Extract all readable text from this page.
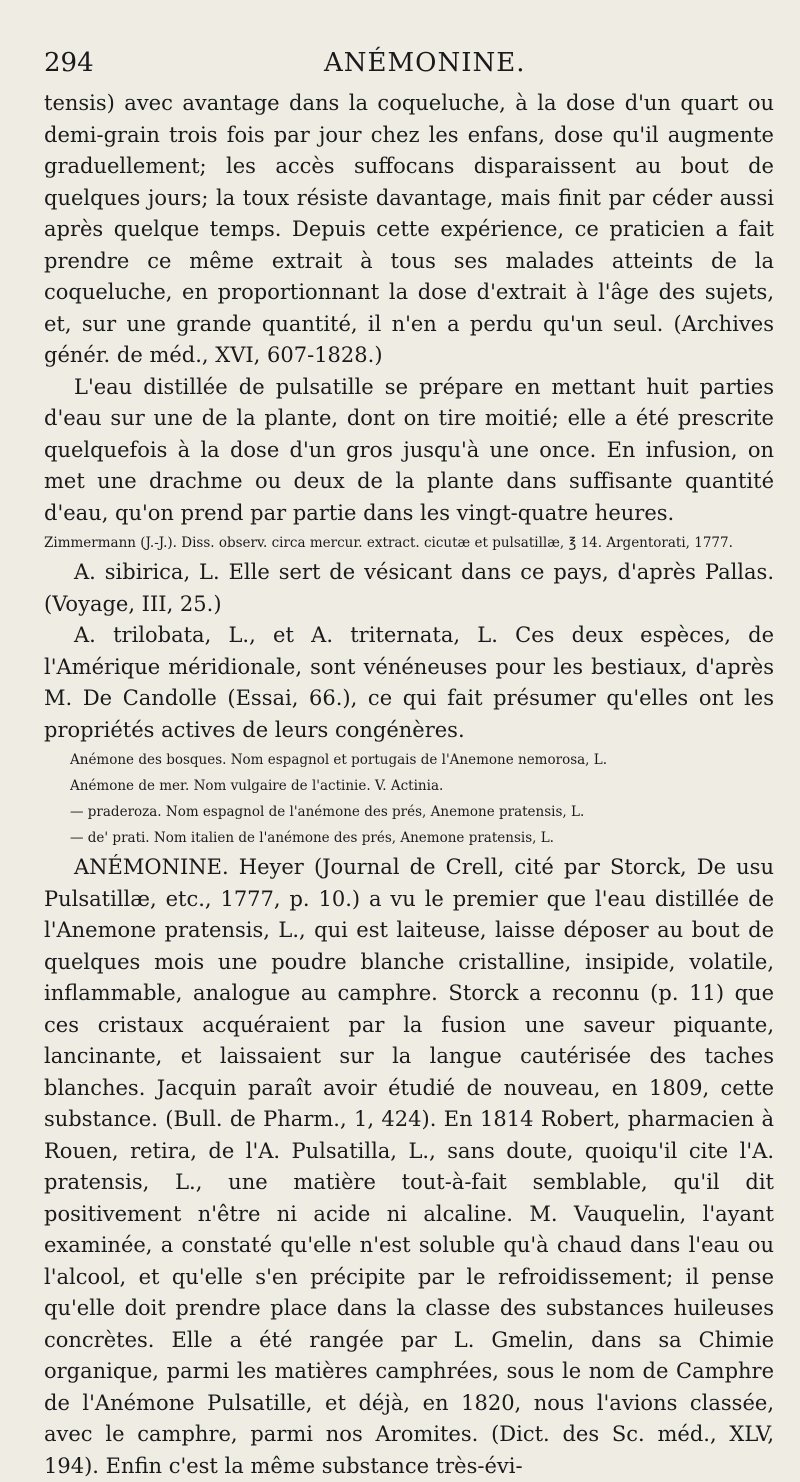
294	ANÉMONINE.

tensis) avec avantage dans la coqueluche, à la dose d'un quart ou demi-grain trois fois par jour chez les enfans, dose qu'il augmente graduellement; les accès suffocans disparaissent au bout de quelques jours; la toux résiste davantage, mais finit par céder aussi après quelque temps. Depuis cette expérience, ce praticien a fait prendre ce même extrait à tous ses malades atteints de la coqueluche, en proportionnant la dose d'extrait à l'âge des sujets, et, sur une grande quantité, il n'en a perdu qu'un seul. (Archives génér. de méd., XVI, 607-1828.)

L'eau distillée de pulsatille se prépare en mettant huit parties d'eau sur une de la plante, dont on tire moitié; elle a été prescrite quelquefois à la dose d'un gros jusqu'à une once. En infusion, on met une drachme ou deux de la plante dans suffisante quantité d'eau, qu'on prend par partie dans les vingt-quatre heures.

Zimmermann (J.-J.). Diss. observ. circa mercur. extract. cicutæ et pulsatillæ, ℥ 14. Argentorati, 1777.

A. sibirica, L. Elle sert de vésicant dans ce pays, d'après Pallas. (Voyage, III, 25.)

A. trilobata, L., et A. triternata, L. Ces deux espèces, de l'Amérique méridionale, sont vénéneuses pour les bestiaux, d'après M. De Candolle (Essai, 66.), ce qui fait présumer qu'elles ont les propriétés actives de leurs congénères.

Anémone des bosques. Nom espagnol et portugais de l'Anemone nemorosa, L.

Anémone de mer. Nom vulgaire de l'actinie. V. Actinia.

— praderoza. Nom espagnol de l'anémone des prés, Anemone pratensis, L.

— de' prati. Nom italien de l'anémone des prés, Anemone pratensis, L.

ANÉMONINE. Heyer (Journal de Crell, cité par Storck, De usu Pulsatillæ, etc., 1777, p. 10.) a vu le premier que l'eau distillée de l'Anemone pratensis, L., qui est laiteuse, laisse déposer au bout de quelques mois une poudre blanche cristalline, insipide, volatile, inflammable, analogue au camphre. Storck a reconnu (p. 11) que ces cristaux acquéraient par la fusion une saveur piquante, lancinante, et laissaient sur la langue cautérisée des taches blanches. Jacquin paraît avoir étudié de nouveau, en 1809, cette substance. (Bull. de Pharm., 1, 424). En 1814 Robert, pharmacien à Rouen, retira, de l'A. Pulsatilla, L., sans doute, quoiqu'il cite l'A. pratensis, L., une matière tout-à-fait semblable, qu'il dit positivement n'être ni acide ni alcaline. M. Vauquelin, l'ayant examinée, a constaté qu'elle n'est soluble qu'à chaud dans l'eau ou l'alcool, et qu'elle s'en précipite par le refroidissement; il pense qu'elle doit prendre place dans la classe des substances huileuses concrètes. Elle a été rangée par L. Gmelin, dans sa Chimie organique, parmi les matières camphrées, sous le nom de Camphre de l'Anémone Pulsatille, et déjà, en 1820, nous l'avions classée, avec le camphre, parmi nos Aromites. (Dict. des Sc. méd., XLV, 194). Enfin c'est la même substance très-évi-
